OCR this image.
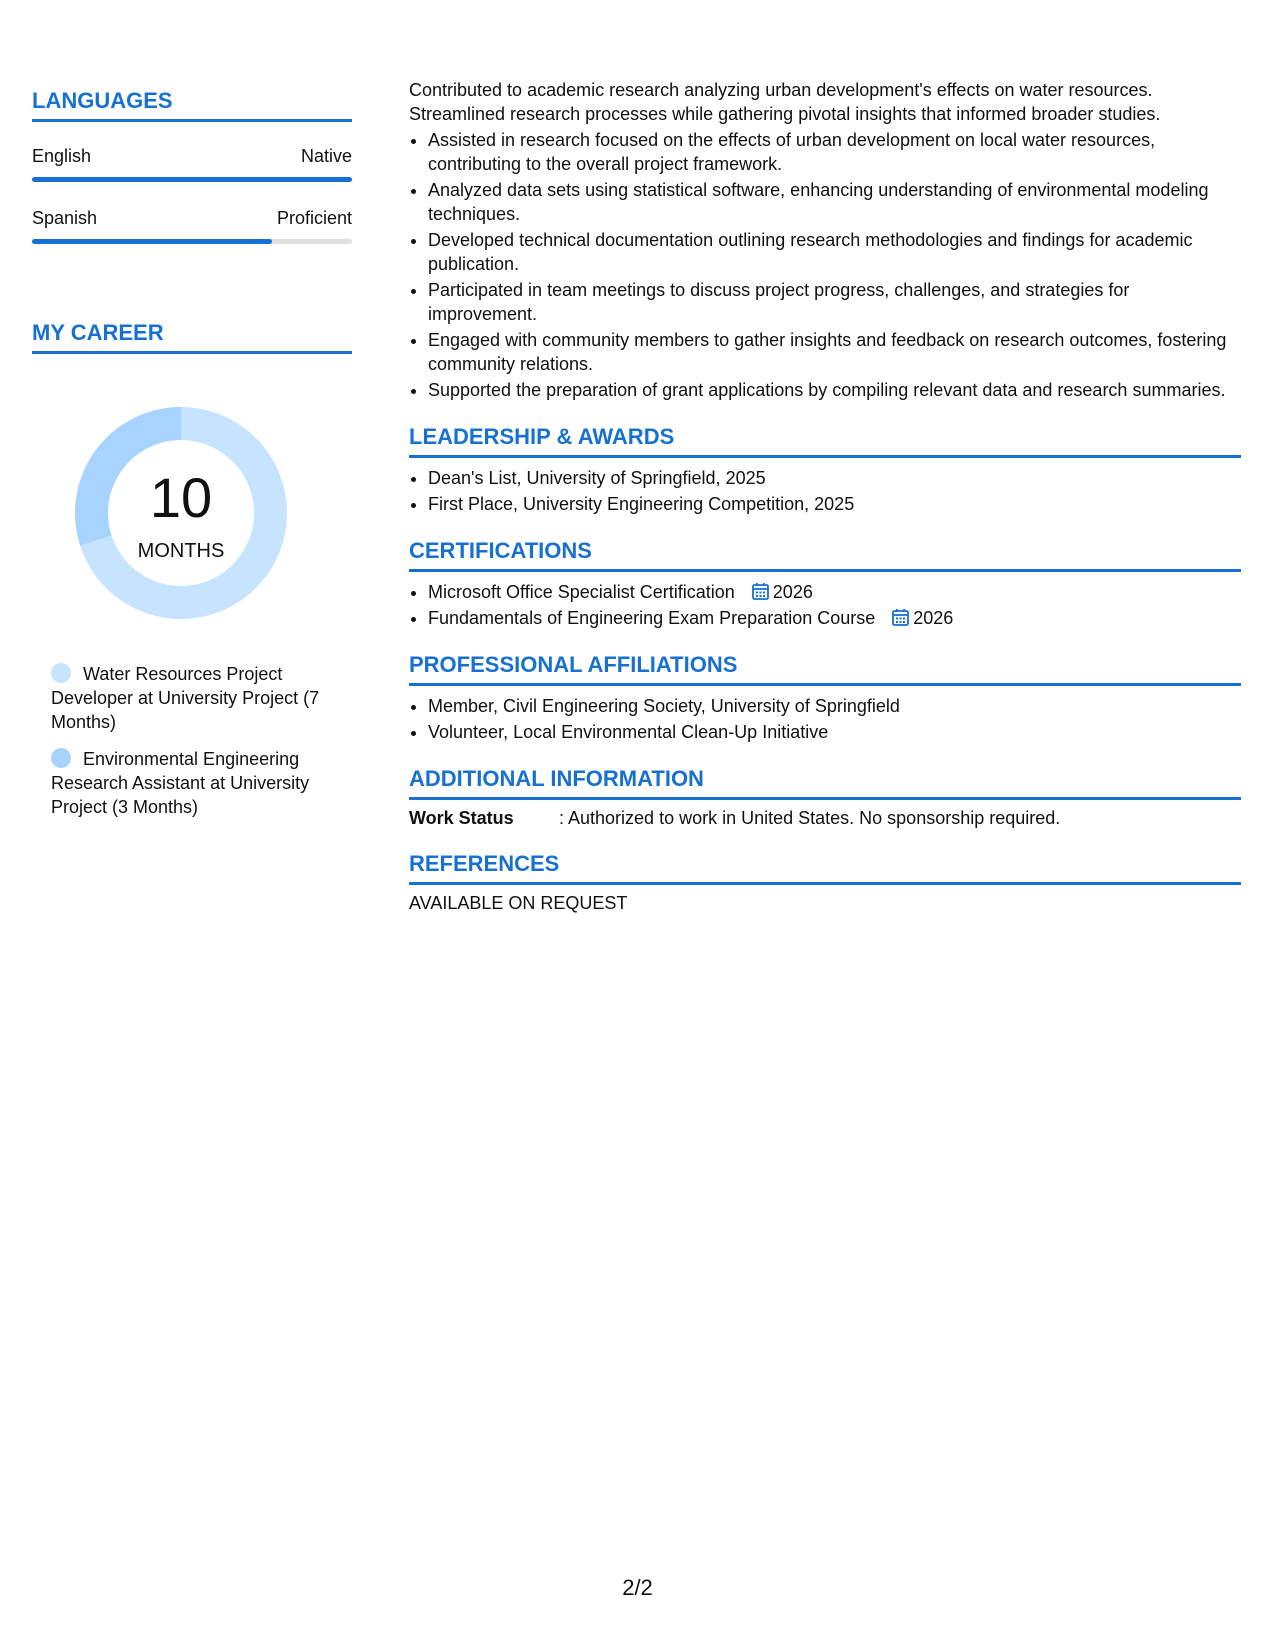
LANGUAGES
English	Native
Spanish	Proficient
MY CAREER
10
MONTHS
Water Resources Project Developer at University Project (7 Months)
Environmental Engineering Research Assistant at University Project (3 Months)

Contributed to academic research analyzing urban development's effects on water resources.

Streamlined research processes while gathering pivotal insights that informed broader studies.

• Assisted in research focused on the effects of urban development on local water resources, contributing to the overall project framework.
• Analyzed data sets using statistical software, enhancing understanding of environmental modeling techniques.
• Developed technical documentation outlining research methodologies and findings for academic publication.
• Participated in team meetings to discuss project progress, challenges, and strategies for improvement.
• Engaged with community members to gather insights and feedback on research outcomes, fostering community relations.
• Supported the preparation of grant applications by compiling relevant data and research summaries.
LEADERSHIP & AWARDS
• Dean's List, University of Springfield, 2025
• First Place, University Engineering Competition, 2025
CERTIFICATIONS
• Microsoft Office Specialist Certification 2026
• Fundamentals of Engineering Exam Preparation Course 2026
PROFESSIONAL AFFILIATIONS
• Member, Civil Engineering Society, University of Springfield
• Volunteer, Local Environmental Clean-Up Initiative
ADDITIONAL INFORMATION
Work Status	: Authorized to work in United States. No sponsorship required.
REFERENCES
AVAILABLE ON REQUEST
2/2
